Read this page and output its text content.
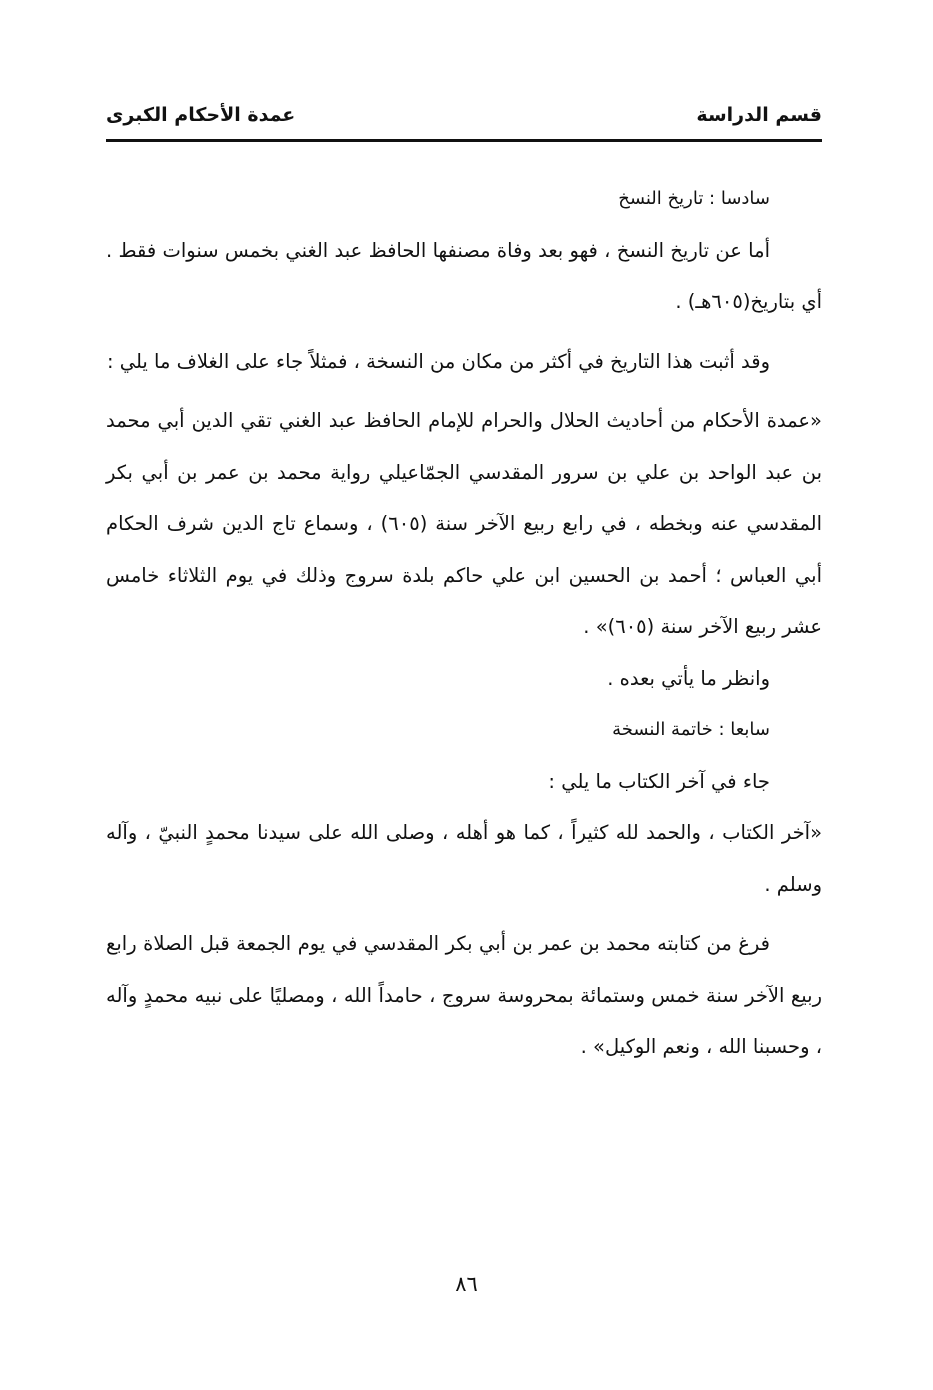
قسم الدراسة
عمدة الأحكام الكبرى

سادسا : تاريخ النسخ

أما عن تاريخ النسخ ، فهو بعد وفاة مصنفها الحافظ عبد الغني بخمس سنوات فقط . أي بتاريخ(٦٠٥هـ) .

وقد أثبت هذا التاريخ في أكثر من مكان من النسخة ، فمثلاً جاء على الغلاف ما يلي :

«عمدة الأحكام من أحاديث الحلال والحرام للإمام الحافظ عبد الغني تقي الدين أبي محمد بن عبد الواحد بن علي بن سرور المقدسي الجمّاعيلي رواية محمد بن عمر بن أبي بكر المقدسي عنه وبخطه ، في رابع ربيع الآخر سنة (٦٠٥) ، وسماع تاج الدين شرف الحكام أبي العباس ؛ أحمد بن الحسين ابن علي حاكم بلدة سروج وذلك في يوم الثلاثاء خامس عشر ربيع الآخر سنة (٦٠٥)» .

وانظر ما يأتي بعده .

سابعا : خاتمة النسخة

جاء في آخر الكتاب ما يلي :

«آخر الكتاب ، والحمد لله كثيراً ، كما هو أهله ، وصلى الله على سيدنا محمدٍ النبيّ ، وآله وسلم .

فرغ من كتابته محمد بن عمر بن أبي بكر المقدسي في يوم الجمعة قبل الصلاة رابع ربيع الآخر سنة خمس وستمائة بمحروسة سروج ، حامداً الله ، ومصليًا على نبيه محمدٍ وآله ، وحسبنا الله ، ونعم الوكيل» .

٨٦
